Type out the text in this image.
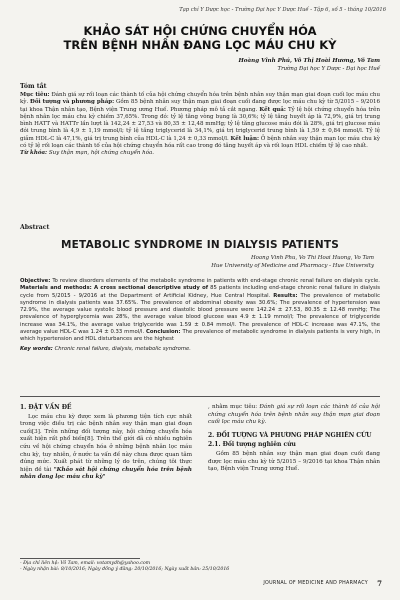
Tạp chí Y Dược học - Trường Đại học Y Dược Huế - Tập 6, số 5 - tháng 10/2016
KHẢO SÁT HỘI CHỨNG CHUYỂN HÓA
TRÊN BỆNH NHÂN ĐANG LỌC MÁU CHU KỲ
Hoàng Vĩnh Phú, Võ Thị Hoài Hương, Võ Tam
Trường Đại học Y Dược - Đại học Huế
Tóm tắt
Mục tiêu: Đánh giá sự rối loạn các thành tố của hội chứng chuyển hóa trên bệnh nhân suy thận mạn giai đoạn cuối lọc máu chu kỳ. Đối tượng và phương pháp: Gồm 85 bệnh nhân suy thận mạn giai đoạn cuối đang được lọc máu chu kỳ từ 5/2015 – 9/2016 tại khoa Thận nhân tạo, Bệnh viện Trung ương Huế. Phương pháp mô tả cắt ngang. Kết quả: Tỷ lệ hội chứng chuyển hóa trên bệnh nhân lọc máu chu kỳ chiếm 37,65%. Trong đó: tỷ lệ tăng vòng bụng là 30,6%; tỷ lệ tăng huyết áp là 72,9%, giá trị trung bình HATT và HATTr lần lượt là 142,24 ± 27,53 và 80,35 ± 12,48 mmHg; tỷ lệ tăng glucose máu đói là 28%, giá trị glucose máu đói trung bình là 4,9 ± 1,19 mmol/l; tỷ lệ tăng triglycerid là 34,1%, giá trị triglycerid trung bình là 1,59 ± 0,84 mmol/l. Tỷ lệ giảm HDL-C là 47,1%, giá trị trung bình của HDL-C là 1,24 ± 0,33 mmol/l. Kết luận: Ở bệnh nhân suy thận mạn lọc máu chu kỳ có tỷ lệ rối loạn các thành tố của hội chứng chuyển hóa rất cao trong đó tăng huyết áp và rối loạn HDL chiếm tỷ lệ cao nhất.
Từ khóa: Suy thận mạn, hội chứng chuyển hóa.
Abstract
METABOLIC SYNDROME IN DIALYSIS PATIENTS
Hoang Vinh Phu, Vo Thi Hoai Huong, Vo Tam
Hue University of Medicine and Pharmacy - Hue University
Objective: To review disorders elements of the metabolic syndrome in patients with end-stage chronic renal failure on dialysis cycle. Materials and methods: A cross sectional descriptive study of 85 patients including end-stage chronic renal failure in dialysis cycle from 5/2015 - 9/2016 at the Department of Artificial Kidney, Hue Central Hospital. Results: The prevalence of metabolic syndrome in dialysis patients was 37.65%. The prevalence of abdominal obesity was 30.6%; The prevalence of hypertension was 72.9%, the average value systolic blood pressure and diastolic blood pressure were 142.24 ± 27.53, 80.35 ± 12.48 mmHg; The prevalence of hyperglycemia was 28%, the average value blood glucose was 4.9 ± 1.19 mmol/l; The prevalence of triglyceride increase was 34.1%, the average value triglyceride was 1.59 ± 0.84 mmol/l. The prevalence of HDL-C increase was 47.1%, the average value HDL-C was 1.24 ± 0.33 mmol/l. Conclusion: The prevalence of metabolic syndrome in dialysis patients is very high, in which hypertension and HDL disturbances are the highest
Key words: Chronic renal failure, dialysis, metabolic syndrome.
1. ĐẶT VẤN ĐỀ

Lọc máu chu kỳ được xem là phương tiện tích cực nhất trong việc điều trị các bệnh nhân suy thận mạn giai đoạn cuối[3]. Trên những đối tượng này, hội chứng chuyển hóa xuất hiện rất phổ biến[8]. Trên thế giới đã có nhiều nghiên cứu về hội chứng chuyển hóa ở những bệnh nhân lọc máu chu kỳ, tuy nhiên, ở nước ta vấn đề này chưa được quan tâm đúng mức. Xuất phát từ những lý do trên, chúng tôi thực hiện đề tài "Khảo sát hội chứng chuyển hóa trên bệnh nhân đang lọc máu chu kỳ"

, nhằm mục tiêu: Đánh giá sự rối loạn các thành tố của hội chứng chuyển hóa trên bệnh nhân suy thận mạn giai đoạn cuối lọc máu chu kỳ.

2. ĐỐI TƯỢNG VÀ PHƯƠNG PHÁP NGHIÊN CỨU
2.1. Đối tượng nghiên cứu

Gồm 85 bệnh nhân suy thận mạn giai đoạn cuối đang được lọc máu chu kỳ từ 5/2015 – 9/2016 tại khoa Thận nhân tạo, Bệnh viện Trung ương Huế.

- Địa chỉ liên hệ: Võ Tam, email: votamydh@yahoo.com
- Ngày nhận bài: 8/10/2016; Ngày đồng ý đăng: 20/10/2016; Ngày xuất bản: 25/10/2016
JOURNAL OF MEDICINE AND PHARMACY 7
